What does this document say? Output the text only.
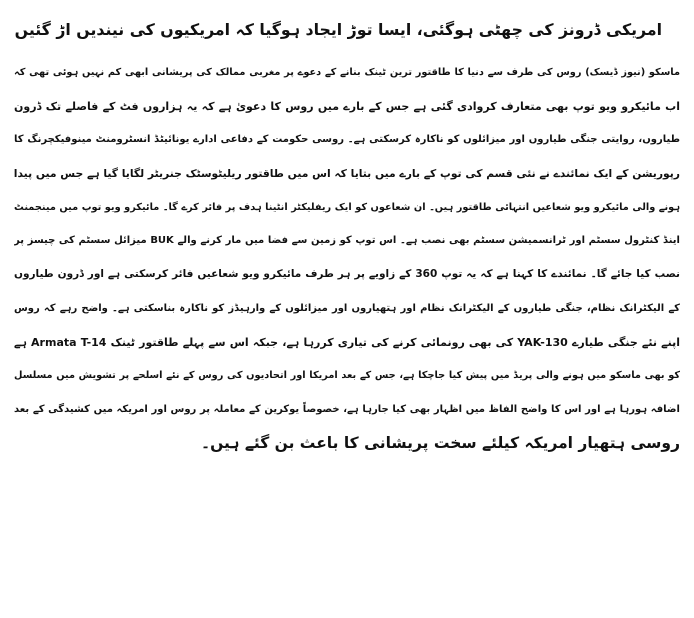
امریکی ڈرونز کی چھٹی ہوگئی، ایسا توڑ ایجاد ہوگیا کہ امریکیوں کی نیندیں اڑ گئیں
ماسکو (نیوز ڈیسک) روس کی طرف سے دنیا کا طاقتور ترین ٹینک بنانے کے دعوے پر مغربی ممالک کی پریشانی ابھی کم نہیں ہوئی تھی کہ
اب مائیکرو ویو توپ بھی متعارف کروادی گئی ہے جس کے بارے میں روس کا دعویٰ ہے کہ یہ ہزاروں فٹ کے فاصلے تک ڈرون
طیاروں، روایتی جنگی طیاروں اور میزائلوں کو ناکارہ کرسکتی ہے۔ روسی حکومت کے دفاعی ادارے یونائیٹڈ انسٹرومنٹ مینوفیکچرنگ کا
رپوریشن کے ایک نمائندے نے نئی قسم کی توپ کے بارے میں بتایا کہ اس میں طاقتور ریلیٹوسٹک جنریٹر لگایا گیا ہے جس میں پیدا
ہونے والی مائیکرو ویو شعاعیں انتہائی طاقتور ہیں۔ ان شعاعوں کو ایک ریفلیکٹر انٹینا ہدف پر فائر کرے گا۔ مائیکرو ویو توپ میں مینجمنٹ
اینڈ کنٹرول سسٹم اور ٹرانسمیشن سسٹم بھی نصب ہے۔ اس توپ کو زمین سے فضا میں مار کرنے والے BUK میزائل سسٹم کی چیسز پر
نصب کیا جائے گا۔ نمائندے کا کہنا ہے کہ یہ توپ 360 کے زاویے پر ہر طرف مائیکرو ویو شعاعیں فائر کرسکتی ہے اور ڈرون طیاروں
کے الیکٹرانک نظام، جنگی طیاروں کے الیکٹرانک نظام اور ہتھیاروں اور میزائلوں کے وارہیڈز کو ناکارہ بناسکتی ہے۔ واضح رہے کہ روس
اپنے نئے جنگی طیارے YAK-130 کی بھی رونمائی کرنے کی تیاری کررہا ہے، جبکہ اس سے پہلے طاقتور ٹینک Armata T-14 ہے
کو بھی ماسکو میں ہونے والی پریڈ میں پیش کیا جاچکا ہے، جس کے بعد امریکا اور اتحادیوں کی روس کے نئے اسلحے پر تشویش میں مسلسل
اضافہ ہورہا ہے اور اس کا واضح الفاظ میں اظہار بھی کیا جارہا ہے، خصوصاً یوکرین کے معاملہ پر روس اور امریکہ میں کشیدگی کے بعد
روسی ہتھیار امریکہ کیلئے سخت پریشانی کا باعث بن گئے ہیں۔
